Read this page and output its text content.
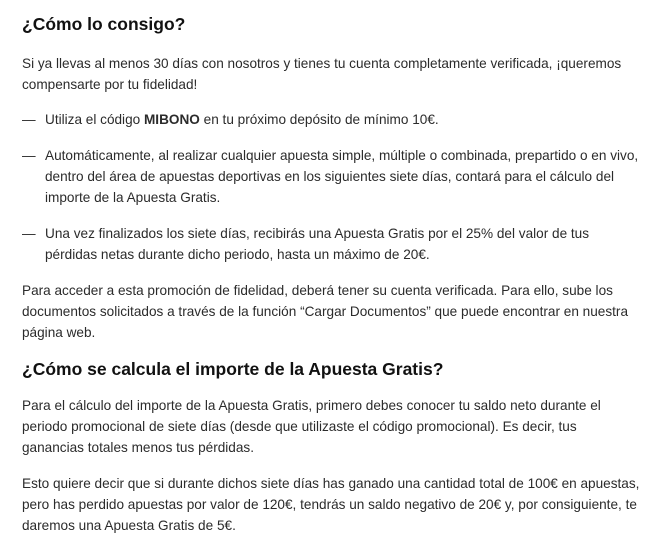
¿Cómo lo consigo?

Si ya llevas al menos 30 días con nosotros y tienes tu cuenta completamente verificada, ¡queremos compensarte por tu fidelidad!

— Utiliza el código MIBONO en tu próximo depósito de mínimo 10€.
— Automáticamente, al realizar cualquier apuesta simple, múltiple o combinada, prepartido o en vivo, dentro del área de apuestas deportivas en los siguientes siete días, contará para el cálculo del importe de la Apuesta Gratis.
— Una vez finalizados los siete días, recibirás una Apuesta Gratis por el 25% del valor de tus pérdidas netas durante dicho periodo, hasta un máximo de 20€.

Para acceder a esta promoción de fidelidad, deberá tener su cuenta verificada. Para ello, sube los documentos solicitados a través de la función “Cargar Documentos” que puede encontrar en nuestra página web.

¿Cómo se calcula el importe de la Apuesta Gratis?

Para el cálculo del importe de la Apuesta Gratis, primero debes conocer tu saldo neto durante el periodo promocional de siete días (desde que utilizaste el código promocional). Es decir, tus ganancias totales menos tus pérdidas.

Esto quiere decir que si durante dichos siete días has ganado una cantidad total de 100€ en apuestas, pero has perdido apuestas por valor de 120€, tendrás un saldo negativo de 20€ y, por consiguiente, te daremos una Apuesta Gratis de 5€.
